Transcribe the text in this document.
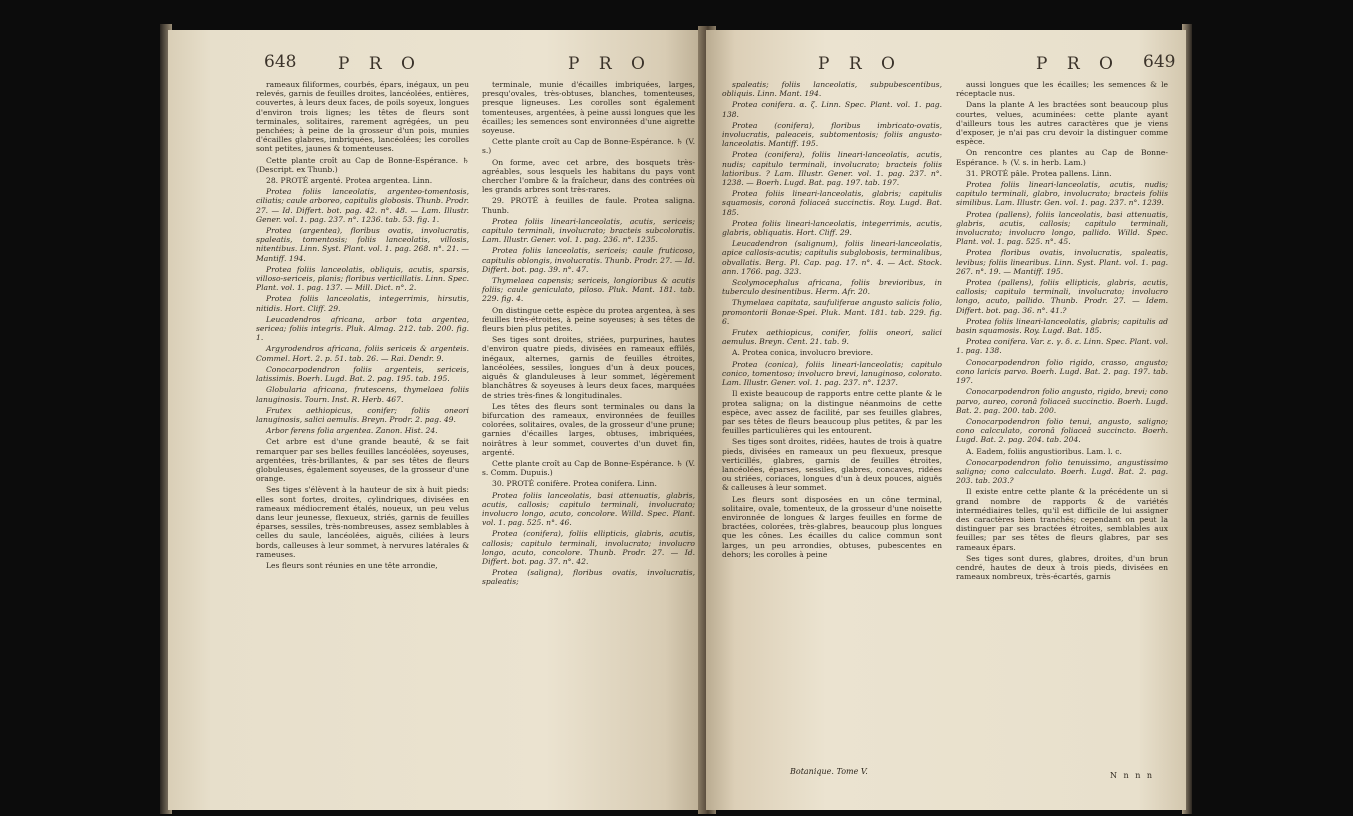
648 P R O	P R O

rameaux filiformes, courbés, épars, inégaux, un peu relevés, garnis de feuilles droites, lancéolées, entières, couvertes, à leurs deux faces, de poils soyeux, longues d'environ trois lignes; les têtes de fleurs sont terminales, solitaires, rarement agrégées, un peu penchées; à peine de la grosseur d'un pois, munies d'écailles glabres, imbriquées, lancéolées; les corolles sont petites, jaunes & tomenteuses.

Cette plante croît au Cap de Bonne-Espérance. ♄ (Descript. ex Thunb.)

28. PROTÉ argenté. Protea argentea. Linn.

Protea foliis lanceolatis, argenteo-tomentosis, ciliatis; caule arboreo, capitulis globosis. Thunb. Prodr. 27. — Id. Differt. bot. pag. 42. n°. 48. — Lam. Illustr. Gener. vol. 1. pag. 237. n°. 1236. tab. 53. fig. 1.

Protea (argentea), floribus ovatis, involucratis, spaleatis, tomentosis; foliis lanceolatis, villosis, nitentibus. Linn. Syst. Plant. vol. 1. pag. 268. n°. 21. — Mantiff. 194.

Protea foliis lanceolatis, obliquis, acutis, sparsis, villoso-sericeis, planis; floribus verticillatis. Linn. Spec. Plant. vol. 1. pag. 137. — Mill. Dict. n°. 2.

Protea foliis lanceolatis, integerrimis, hirsutis, nitidis. Hort. Cliff. 29.

Leucadendros africana, arbor tota argentea, sericea; foliis integris. Pluk. Almag. 212. tab. 200. fig. 1.

Argyrodendros africana, foliis sericeis & argenteis. Commel. Hort. 2. p. 51. tab. 26. — Rai. Dendr. 9.

Conocarpodendron foliis argenteis, sericeis, latissimis. Boerh. Lugd. Bat. 2. pag. 195. tab. 195.

Globularia africana, frutescens, thymelaea foliis lanuginosis. Tourn. Inst. R. Herb. 467.

Frutex aethiopicus, conifer; foliis oneori lanuginosis, salici aemulis. Breyn. Prodr. 2. pag. 49.

Arbor ferens folia argentea. Zanon. Hist. 24.

Cet arbre est d'une grande beauté, & se fait remarquer par ses belles feuilles lancéolées, soyeuses, argentées, très-brillantes, & par ses têtes de fleurs globuleuses, également soyeuses, de la grosseur d'une orange.

Ses tiges s'élèvent à la hauteur de six à huit pieds: elles sont fortes, droites, cylindriques, divisées en rameaux médiocrement étalés, noueux, un peu velus dans leur jeunesse, flexueux, striés, garnis de feuilles éparses, sessiles, très-nombreuses, assez semblables à celles du saule, lancéolées, aiguës, ciliées à leurs bords, calleuses à leur sommet, à nervures latérales & rameuses.

Les fleurs sont réunies en une tête arrondie,

terminale, munie d'écailles imbriquées, larges, presqu'ovales, très-obtuses, blanches, tomenteuses, presque ligneuses. Les corolles sont également tomenteuses, argentées, à peine aussi longues que les écailles; les semences sont environnées d'une aigrette soyeuse.

Cette plante croît au Cap de Bonne-Espérance. ♄ (V. s.)

On forme, avec cet arbre, des bosquets très-agréables, sous lesquels les habitans du pays vont chercher l'ombre & la fraîcheur, dans des contrées où les grands arbres sont très-rares.

29. PROTÉ à feuilles de faule. Protea saligna. Thunb.

Protea foliis lineari-lanceolatis, acutis, sericeis; capitulo terminali, involucrato; bracteis subcoloratis. Lam. Illustr. Gener. vol. 1. pag. 236. n°. 1235.

Protea foliis lanceolatis, sericeis; caule fruticoso, capitulis oblongis, involucratis. Thunb. Prodr. 27. — Id. Differt. bot. pag. 39. n°. 47.

Thymelaea capensis; sericeis, longioribus & acutis foliis; caule geniculato, piloso. Pluk. Mant. 181. tab. 229. fig. 4.

On distingue cette espèce du protea argentea, à ses feuilles très-étroites, à peine soyeuses; à ses têtes de fleurs bien plus petites.

Ses tiges sont droites, striées, purpurines, hautes d'environ quatre pieds, divisées en rameaux effilés, inégaux, alternes, garnis de feuilles étroites, lancéolées, sessiles, longues d'un à deux pouces, aiguës & glanduleuses à leur sommet, légèrement blanchâtres & soyeuses à leurs deux faces, marquées de stries très-fines & longitudinales.

Les têtes des fleurs sont terminales ou dans la bifurcation des rameaux, environnées de feuilles colorées, solitaires, ovales, de la grosseur d'une prune; garnies d'écailles larges, obtuses, imbriquées, noirâtres à leur sommet, couvertes d'un duvet fin, argenté.

Cette plante croît au Cap de Bonne-Espérance. ♄ (V. s. Comm. Dupuis.)

30. PROTÉ conifère. Protea conifera. Linn.

Protea foliis lanceolatis, basi attenuatis, glabris, acutis, callosis; capitulo terminali, involucrato; involucro longo, acuto, concolore. Willd. Spec. Plant. vol. 1. pag. 525. n°. 46.

Protea (conifera), foliis ellipticis, glabris, acutis, callosis; capitulo terminali, involucrato; involucro longo, acuto, concolore. Thunb. Prodr. 27. — Id. Differt. bot. pag. 37. n°. 42.

Protea (saligna), floribus ovatis, involucratis, spaleatis;

P R O	P R O 649

spaleatis; foliis lanceolatis, subpubescentibus, obliquis. Linn. Mant. 194.

Protea conifera. α. ζ. Linn. Spec. Plant. vol. 1. pag. 138.

Protea (conifera), floribus imbricato-ovatis, involucratis, paleaceis, subtomentosis; foliis angusto-lanceolatis. Mantiff. 195.

Protea (conifera), foliis lineari-lanceolatis, acutis, nudis; capitulo terminali, involucrato; bracteis foliis latioribus. ? Lam. Illustr. Gener. vol. 1. pag. 237. n°. 1238. — Boerh. Lugd. Bat. pag. 197. tab. 197.

Protea foliis lineari-lanceolatis, glabris; capitulis squamosis, coronâ foliaceâ succinctis. Roy. Lugd. Bat. 185.

Protea foliis lineari-lanceolatis, integerrimis, acutis, glabris, obliquatis. Hort. Cliff. 29.

Leucadendron (salignum), foliis lineari-lanceolatis, apice callosis-acutis; capitulis subglobosis, terminalibus, obvallatis. Berg. Pl. Cap. pag. 17. n°. 4. — Act. Stock. ann. 1766. pag. 323.

Scolymocephalus africana, foliis brevioribus, in tuberculo desinentibus. Herm. Afr. 20.

Thymelaea capitata, saufuliferae angusto salicis folio, promontorii Bonae-Spei. Pluk. Mant. 181. tab. 229. fig. 6.

Frutex aethiopicus, conifer, foliis oneori, salici aemulus. Breyn. Cent. 21. tab. 9.

A. Protea conica, involucro breviore.

Protea (conica), foliis lineari-lanceolatis; capitulo conico, tomentoso; involucro brevi, lanuginoso, colorato. Lam. Illustr. Gener. vol. 1. pag. 237. n°. 1237.

Il existe beaucoup de rapports entre cette plante & le protea saligna; on la distingue néanmoins de cette espèce, avec assez de facilité, par ses feuilles glabres, par ses têtes de fleurs beaucoup plus petites, & par les feuilles particulières qui les entourent.

Ses tiges sont droites, ridées, hautes de trois à quatre pieds, divisées en rameaux un peu flexueux, presque verticillés, glabres, garnis de feuilles étroites, lancéolées, éparses, sessiles, glabres, concaves, ridées ou striées, coriaces, longues d'un à deux pouces, aiguës & calleuses à leur sommet.

Les fleurs sont disposées en un cône terminal, solitaire, ovale, tomenteux, de la grosseur d'une noisette environnée de longues & larges feuilles en forme de bractées, colorées, très-glabres, beaucoup plus longues que les cônes. Les écailles du calice commun sont larges, un peu arrondies, obtuses, pubescentes en dehors; les corolles à peine

aussi longues que les écailles; les semences & le réceptacle nus.

Dans la plante A les bractées sont beaucoup plus courtes, velues, acuminées: cette plante ayant d'ailleurs tous les autres caractères que je viens d'exposer, je n'ai pas cru devoir la distinguer comme espèce.

On rencontre ces plantes au Cap de Bonne-Espérance. ♄ (V. s. in herb. Lam.)

31. PROTÉ pâle. Protea pallens. Linn.

Protea foliis lineari-lanceolatis, acutis, nudis; capitulo terminali, glabro, involucrato; bracteis foliis similibus. Lam. Illustr. Gen. vol. 1. pag. 237. n°. 1239.

Protea (pallens), foliis lanceolatis, basi attenuatis, glabris, acutis, callosis; capitulo terminali, involucrato; involucro longo, pallido. Willd. Spec. Plant. vol. 1. pag. 525. n°. 45.

Protea floribus ovatis, involucratis, spaleatis, levibus; foliis linearibus. Linn. Syst. Plant. vol. 1. pag. 267. n°. 19. — Mantiff. 195.

Protea (pallens), foliis ellipticis, glabris, acutis, callosis; capitulo terminali, involucrato; involucro longo, acuto, pallido. Thunb. Prodr. 27. — Idem. Differt. bot. pag. 36. n°. 41.?

Protea foliis lineari-lanceolatis, glabris; capitulis ad basin squamosis. Roy. Lugd. Bat. 185.

Protea conifera. Var. ε. γ. δ. ε. Linn. Spec. Plant. vol. 1. pag. 138.

Conocarpodendron folio rigido, crasso, angusto; cono laricis parvo. Boerh. Lugd. Bat. 2. pag. 197. tab. 197.

Conocarpodendron folio angusto, rigido, brevi; cono parvo, aureo, coronâ foliaceâ succinctio. Boerh. Lugd. Bat. 2. pag. 200. tab. 200.

Conocarpodendron folio tenui, angusto, saligno; cono calcculato, coronâ foliaceâ succincto. Boerh. Lugd. Bat. 2. pag. 204. tab. 204.

A. Eadem, foliis angustioribus. Lam. l. c.

Conocarpodendron folio tenuissimo, angustissimo saligno; cono calcculato. Boerh. Lugd. Bat. 2. pag. 203. tab. 203.?

Il existe entre cette plante & la précédente un si grand nombre de rapports & de variétés intermédiaires telles, qu'il est difficile de lui assigner des caractères bien tranchés; cependant on peut la distinguer par ses bractées étroites, semblables aux feuilles; par ses têtes de fleurs glabres, par ses rameaux épars.

Ses tiges sont dures, glabres, droites, d'un brun cendré, hautes de deux à trois pieds, divisées en rameaux nombreux, très-écartés, garnis

Botanique. Tome V.	N n n n
